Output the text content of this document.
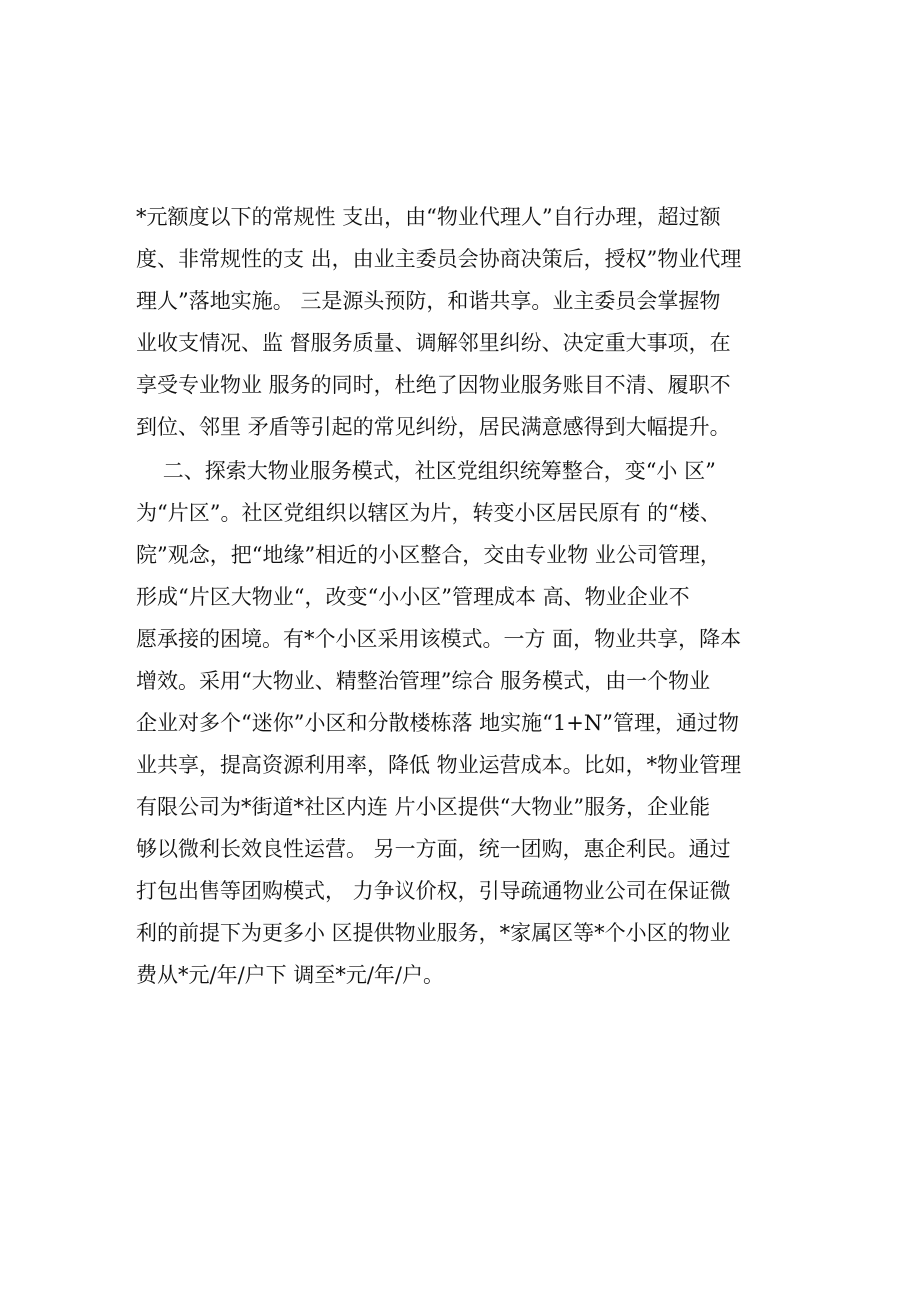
*元额度以下的常规性 支出，由“物业代理人”自行办理，超过额
度、非常规性的支 出，由业主委员会协商决策后，授权”物业代理
理人”落地实施。 三是源头预防，和谐共享。业主委员会掌握物
业收支情况、监 督服务质量、调解邻里纠纷、决定重大事项，在
享受专业物业 服务的同时，杜绝了因物业服务账目不清、履职不
到位、邻里 矛盾等引起的常见纠纷，居民满意感得到大幅提升。
二、探索大物业服务模式，社区党组织统筹整合，变“小 区”
为“片区”。社区党组织以辖区为片，转变小区居民原有 的“楼、
院”观念，把“地缘”相近的小区整合，交由专业物 业公司管理，
形成“片区大物业“，改变“小小区”管理成本 高、物业企业不
愿承接的困境。有*个小区采用该模式。一方 面，物业共享，降本
增效。采用“大物业、精整治管理”综合 服务模式，由一个物业
企业对多个“迷你”小区和分散楼栋落 地实施“1+N”管理，通过物
业共享，提高资源利用率，降低 物业运营成本。比如，*物业管理
有限公司为*街道*社区内连 片小区提供“大物业”服务，企业能
够以微利长效良性运营。 另一方面，统一团购，惠企利民。通过
打包出售等团购模式， 力争议价权，引导疏通物业公司在保证微
利的前提下为更多小 区提供物业服务，*家属区等*个小区的物业
费从*元/年/户下 调至*元/年/户。
